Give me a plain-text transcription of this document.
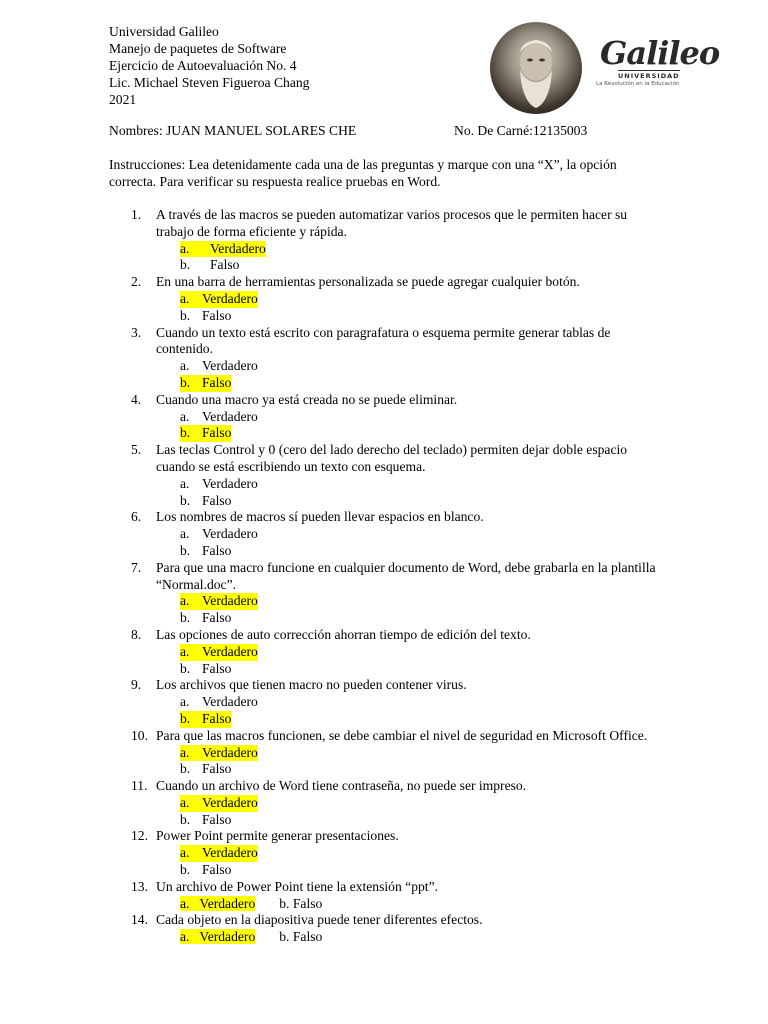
Universidad Galileo
Manejo de paquetes de Software
Ejercicio de Autoevaluación No. 4
Lic. Michael Steven Figueroa Chang
2021
Galileo
UNIVERSIDAD
La Revolución en la Educación
Nombres: JUAN MANUEL SOLARES CHE	No. De Carné:12135003
Instrucciones: Lea detenidamente cada una de las preguntas y marque con una “X”, la opción correcta. Para verificar su respuesta realice pruebas en Word.
1.	A través de las macros se pueden automatizar varios procesos que le permiten hacer su trabajo de forma eficiente y rápida.
a.	Verdadero
b.	Falso
2.	En una barra de herramientas personalizada se puede agregar cualquier botón.
a. Verdadero
b. Falso
3.	Cuando un texto está escrito con paragrafatura o esquema permite generar tablas de contenido.
a. Verdadero
b. Falso
4.	Cuando una macro ya está creada no se puede eliminar.
a. Verdadero
b. Falso
5.	Las teclas Control y 0 (cero del lado derecho del teclado) permiten dejar doble espacio cuando se está escribiendo un texto con esquema.
a. Verdadero
b. Falso
6.	Los nombres de macros sí pueden llevar espacios en blanco.
a. Verdadero
b. Falso
7.	Para que una macro funcione en cualquier documento de Word, debe grabarla en la plantilla “Normal.doc”.
a. Verdadero
b. Falso
8.	Las opciones de auto corrección ahorran tiempo de edición del texto.
a. Verdadero
b. Falso
9.	Los archivos que tienen macro no pueden contener virus.
a. Verdadero
b. Falso
10. Para que las macros funcionen, se debe cambiar el nivel de seguridad en Microsoft Office.
a. Verdadero
b. Falso
11. Cuando un archivo de Word tiene contraseña, no puede ser impreso.
a. Verdadero
b. Falso
12. Power Point permite generar presentaciones.
a. Verdadero
b. Falso
13. Un archivo de Power Point tiene la extensión “ppt”.
a.   Verdadero b. Falso
14. Cada objeto en la diapositiva puede tener diferentes efectos.
a.   Verdadero b. Falso
